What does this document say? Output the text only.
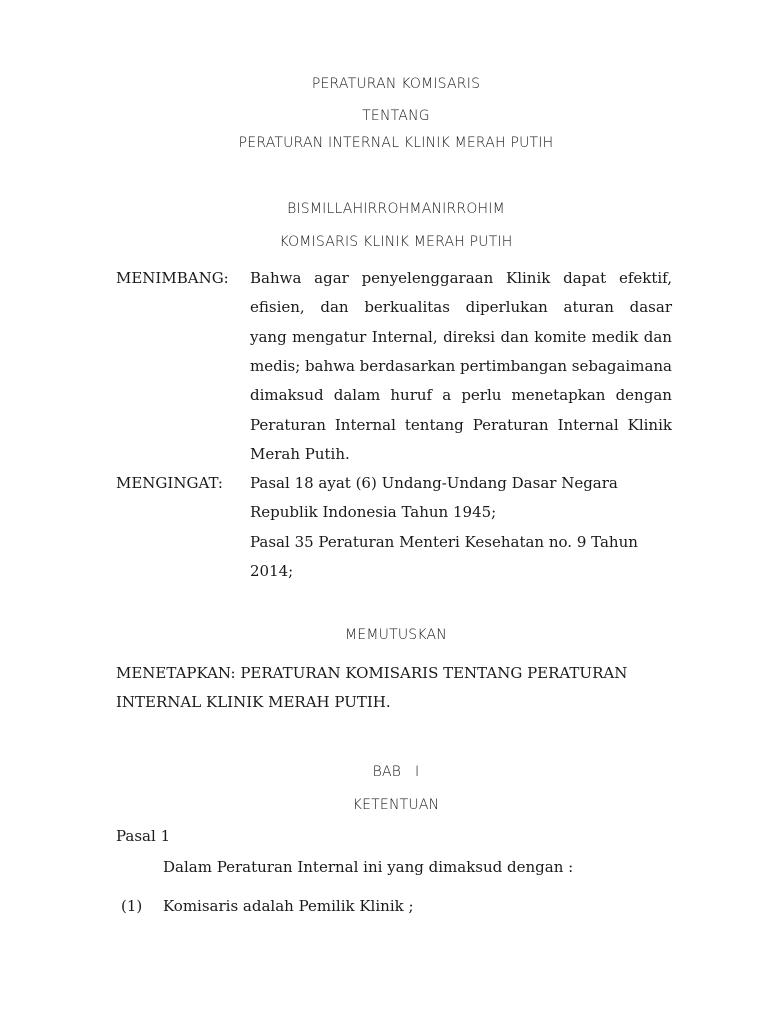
PERATURAN KOMISARIS
TENTANG
PERATURAN INTERNAL KLINIK MERAH PUTIH
BISMILLAHIRROHMANIRROHIM
KOMISARIS KLINIK MERAH PUTIH
MENIMBANG: Bahwa agar penyelenggaraan Klinik dapat efektif,
efisien, dan berkualitas diperlukan aturan dasar
yang mengatur Internal, direksi dan komite medik dan
medis; bahwa berdasarkan pertimbangan sebagaimana
dimaksud dalam huruf a perlu menetapkan dengan
Peraturan Internal tentang Peraturan Internal Klinik
Merah Putih.
MENGINGAT: Pasal 18 ayat (6) Undang-Undang Dasar Negara
Republik Indonesia Tahun 1945;
Pasal 35 Peraturan Menteri Kesehatan no. 9 Tahun
2014;
MEMUTUSKAN
MENETAPKAN: PERATURAN KOMISARIS TENTANG PERATURAN
INTERNAL KLINIK MERAH PUTIH.
BAB   I
KETENTUAN
Pasal 1
Dalam Peraturan Internal ini yang dimaksud dengan :
(1) Komisaris adalah Pemilik Klinik ;
